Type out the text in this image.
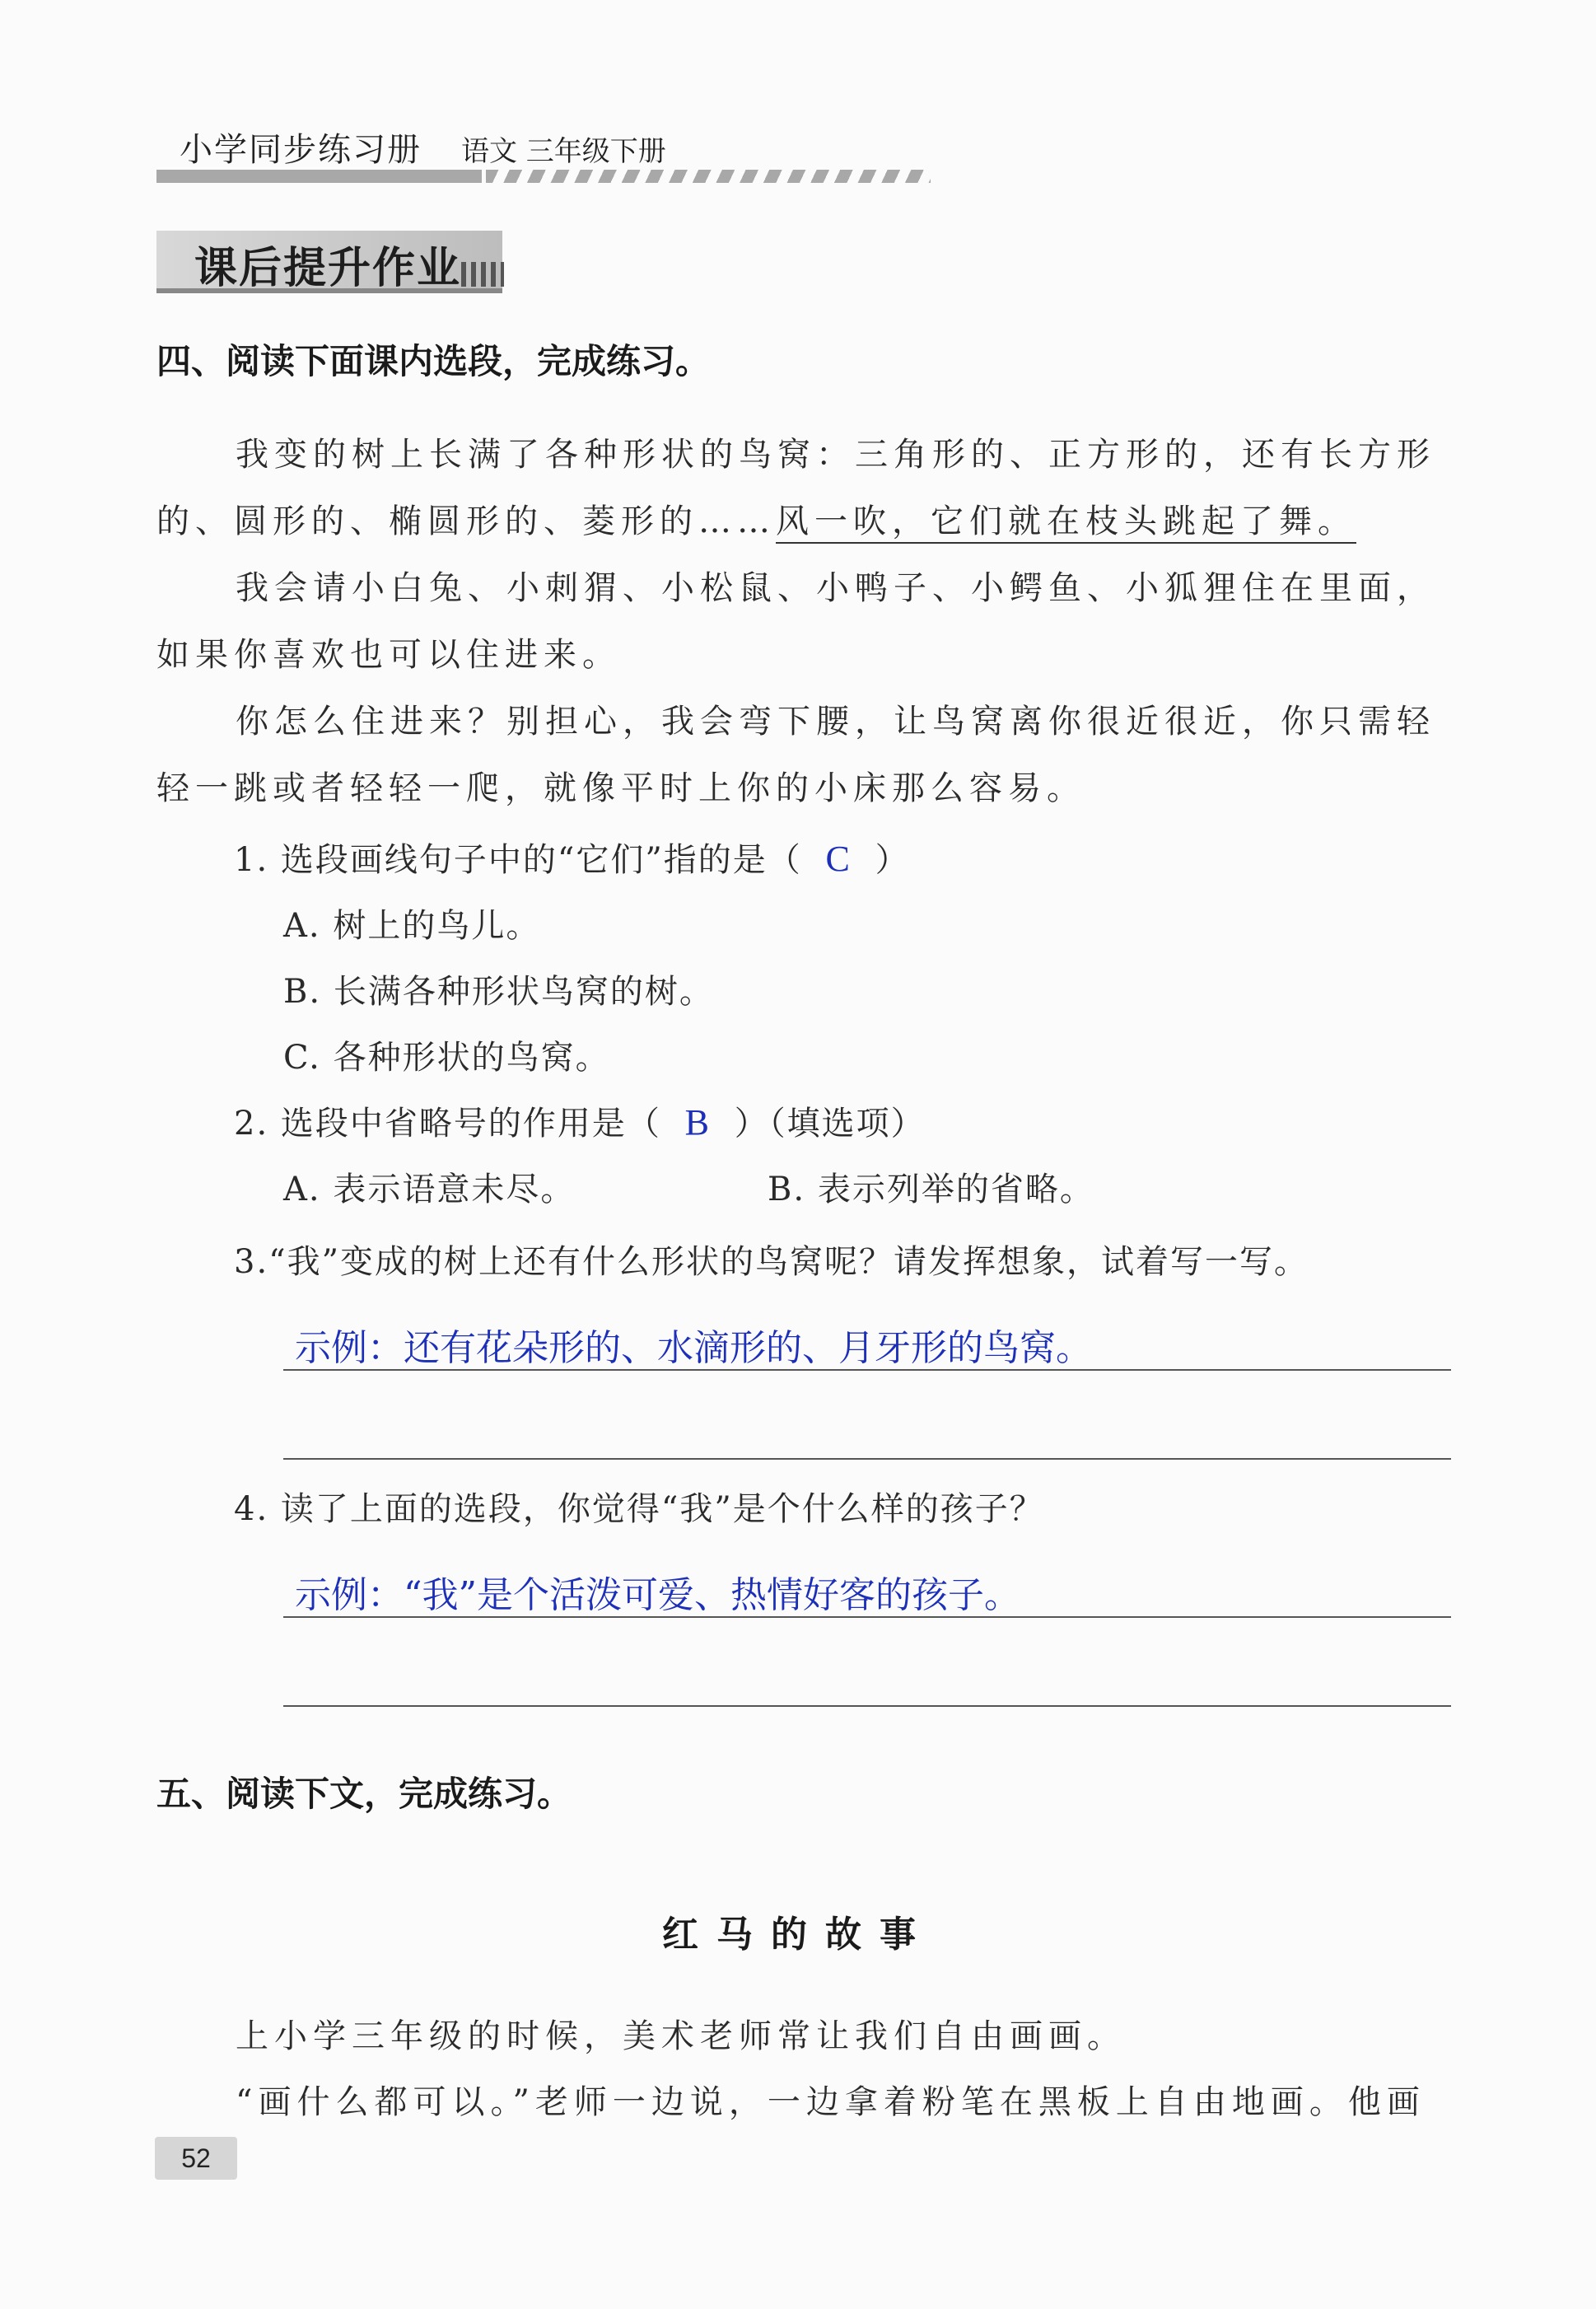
小学同步练习册 语文 三年级下册
课后提升作业
四、阅读下面课内选段，完成练习。
我变的树上长满了各种形状的鸟窝：三角形的、正方形的，还有长方形的、圆形的、椭圆形的、菱形的……风一吹，它们就在枝头跳起了舞。
我会请小白兔、小刺猬、小松鼠、小鸭子、小鳄鱼、小狐狸住在里面，如果你喜欢也可以住进来。
你怎么住进来？别担心，我会弯下腰，让鸟窝离你很近很近，你只需轻轻一跳或者轻轻一爬，就像平时上你的小床那么容易。
1. 选段画线句子中的“它们”指的是（ C ）
A. 树上的鸟儿。
B. 长满各种形状鸟窝的树。
C. 各种形状的鸟窝。
2. 选段中省略号的作用是（ B ）（填选项）
A. 表示语意未尽。	B. 表示列举的省略。
3.“我”变成的树上还有什么形状的鸟窝呢？请发挥想象，试着写一写。
示例：还有花朵形的、水滴形的、月牙形的鸟窝。
4. 读了上面的选段，你觉得“我”是个什么样的孩子？
示例：“我”是个活泼可爱、热情好客的孩子。
五、阅读下文，完成练习。
红马的故事
上小学三年级的时候，美术老师常让我们自由画画。
“画什么都可以。”老师一边说，一边拿着粉笔在黑板上自由地画。他画
52
